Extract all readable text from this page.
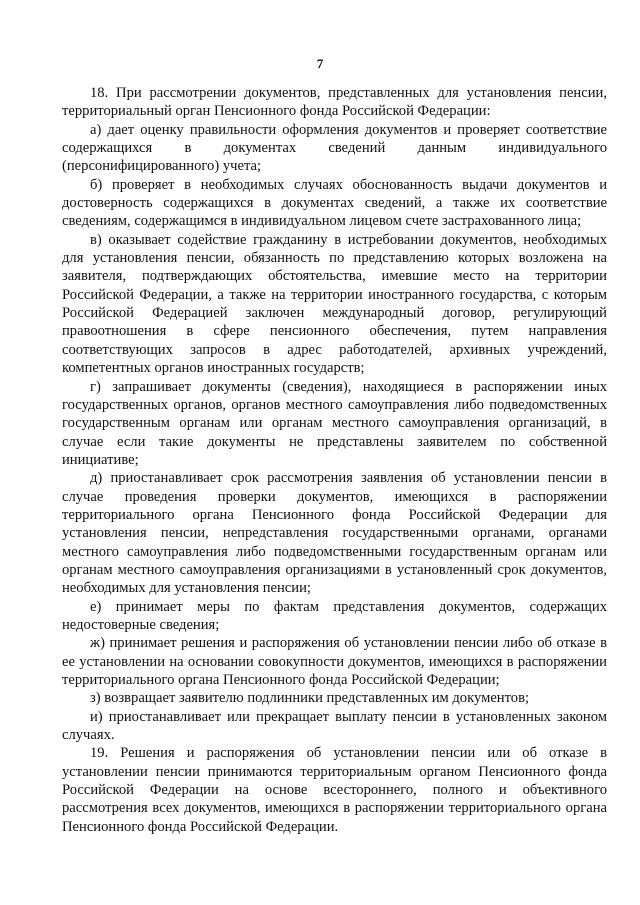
7

18. При рассмотрении документов, представленных для установления пенсии, территориальный орган Пенсионного фонда Российской Федерации:

а) дает оценку правильности оформления документов и проверяет соответствие содержащихся в документах сведений данным индивидуального (персонифицированного) учета;

б) проверяет в необходимых случаях обоснованность выдачи документов и достоверность содержащихся в документах сведений, а также их соответствие сведениям, содержащимся в индивидуальном лицевом счете застрахованного лица;

в) оказывает содействие гражданину в истребовании документов, необходимых для установления пенсии, обязанность по представлению которых возложена на заявителя, подтверждающих обстоятельства, имевшие место на территории Российской Федерации, а также на территории иностранного государства, с которым Российской Федерацией заключен международный договор, регулирующий правоотношения в сфере пенсионного обеспечения, путем направления соответствующих запросов в адрес работодателей, архивных учреждений, компетентных органов иностранных государств;

г) запрашивает документы (сведения), находящиеся в распоряжении иных государственных органов, органов местного самоуправления либо подведомственных государственным органам или органам местного самоуправления организаций, в случае если такие документы не представлены заявителем по собственной инициативе;

д) приостанавливает срок рассмотрения заявления об установлении пенсии в случае проведения проверки документов, имеющихся в распоряжении территориального органа Пенсионного фонда Российской Федерации для установления пенсии, непредставления государственными органами, органами местного самоуправления либо подведомственными государственным органам или органам местного самоуправления организациями в установленный срок документов, необходимых для установления пенсии;

е) принимает меры по фактам представления документов, содержащих недостоверные сведения;

ж) принимает решения и распоряжения об установлении пенсии либо об отказе в ее установлении на основании совокупности документов, имеющихся в распоряжении территориального органа Пенсионного фонда Российской Федерации;

з) возвращает заявителю подлинники представленных им документов;

и) приостанавливает или прекращает выплату пенсии в установленных законом случаях.

19. Решения и распоряжения об установлении пенсии или об отказе в установлении пенсии принимаются территориальным органом Пенсионного фонда Российской Федерации на основе всестороннего, полного и объективного рассмотрения всех документов, имеющихся в распоряжении территориального органа Пенсионного фонда Российской Федерации.
